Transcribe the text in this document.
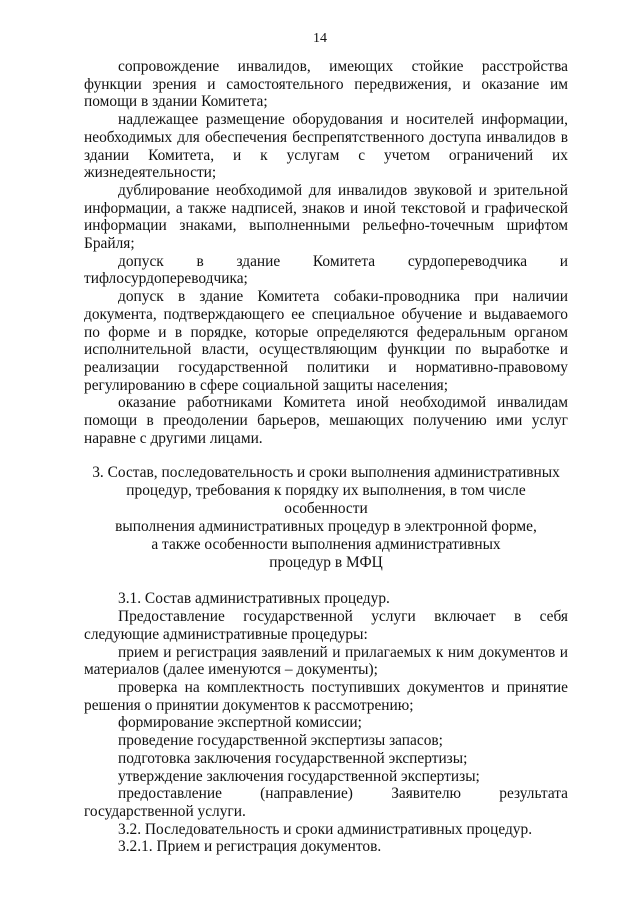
14

сопровождение инвалидов, имеющих стойкие расстройства функции зрения и самостоятельного передвижения, и оказание им помощи в здании Комитета;

надлежащее размещение оборудования и носителей информации, необходимых для обеспечения беспрепятственного доступа инвалидов в здании Комитета, и к услугам с учетом ограничений их жизнедеятельности;

дублирование необходимой для инвалидов звуковой и зрительной информации, а также надписей, знаков и иной текстовой и графической информации знаками, выполненными рельефно-точечным шрифтом Брайля;

допуск в здание Комитета сурдопереводчика и тифлосурдопереводчика;

допуск в здание Комитета собаки-проводника при наличии документа, подтверждающего ее специальное обучение и выдаваемого по форме и в порядке, которые определяются федеральным органом исполнительной власти, осуществляющим функции по выработке и реализации государственной политики и нормативно-правовому регулированию в сфере социальной защиты населения;

оказание работниками Комитета иной необходимой инвалидам помощи в преодолении барьеров, мешающих получению ими услуг наравне с другими лицами.

3. Состав, последовательность и сроки выполнения административных

процедур, требования к порядку их выполнения, в том числе особенности

выполнения административных процедур в электронной форме,

а также особенности выполнения административных

процедур в МФЦ

3.1. Состав административных процедур.

Предоставление государственной услуги включает в себя следующие административные процедуры:

прием и регистрация заявлений и прилагаемых к ним документов и материалов (далее именуются – документы);

проверка на комплектность поступивших документов и принятие решения о принятии документов к рассмотрению;

формирование экспертной комиссии;

проведение государственной экспертизы запасов;

подготовка заключения государственной экспертизы;

утверждение заключения государственной экспертизы;

предоставление (направление) Заявителю результата государственной услуги.

3.2. Последовательность и сроки административных процедур.

3.2.1. Прием и регистрация документов.
